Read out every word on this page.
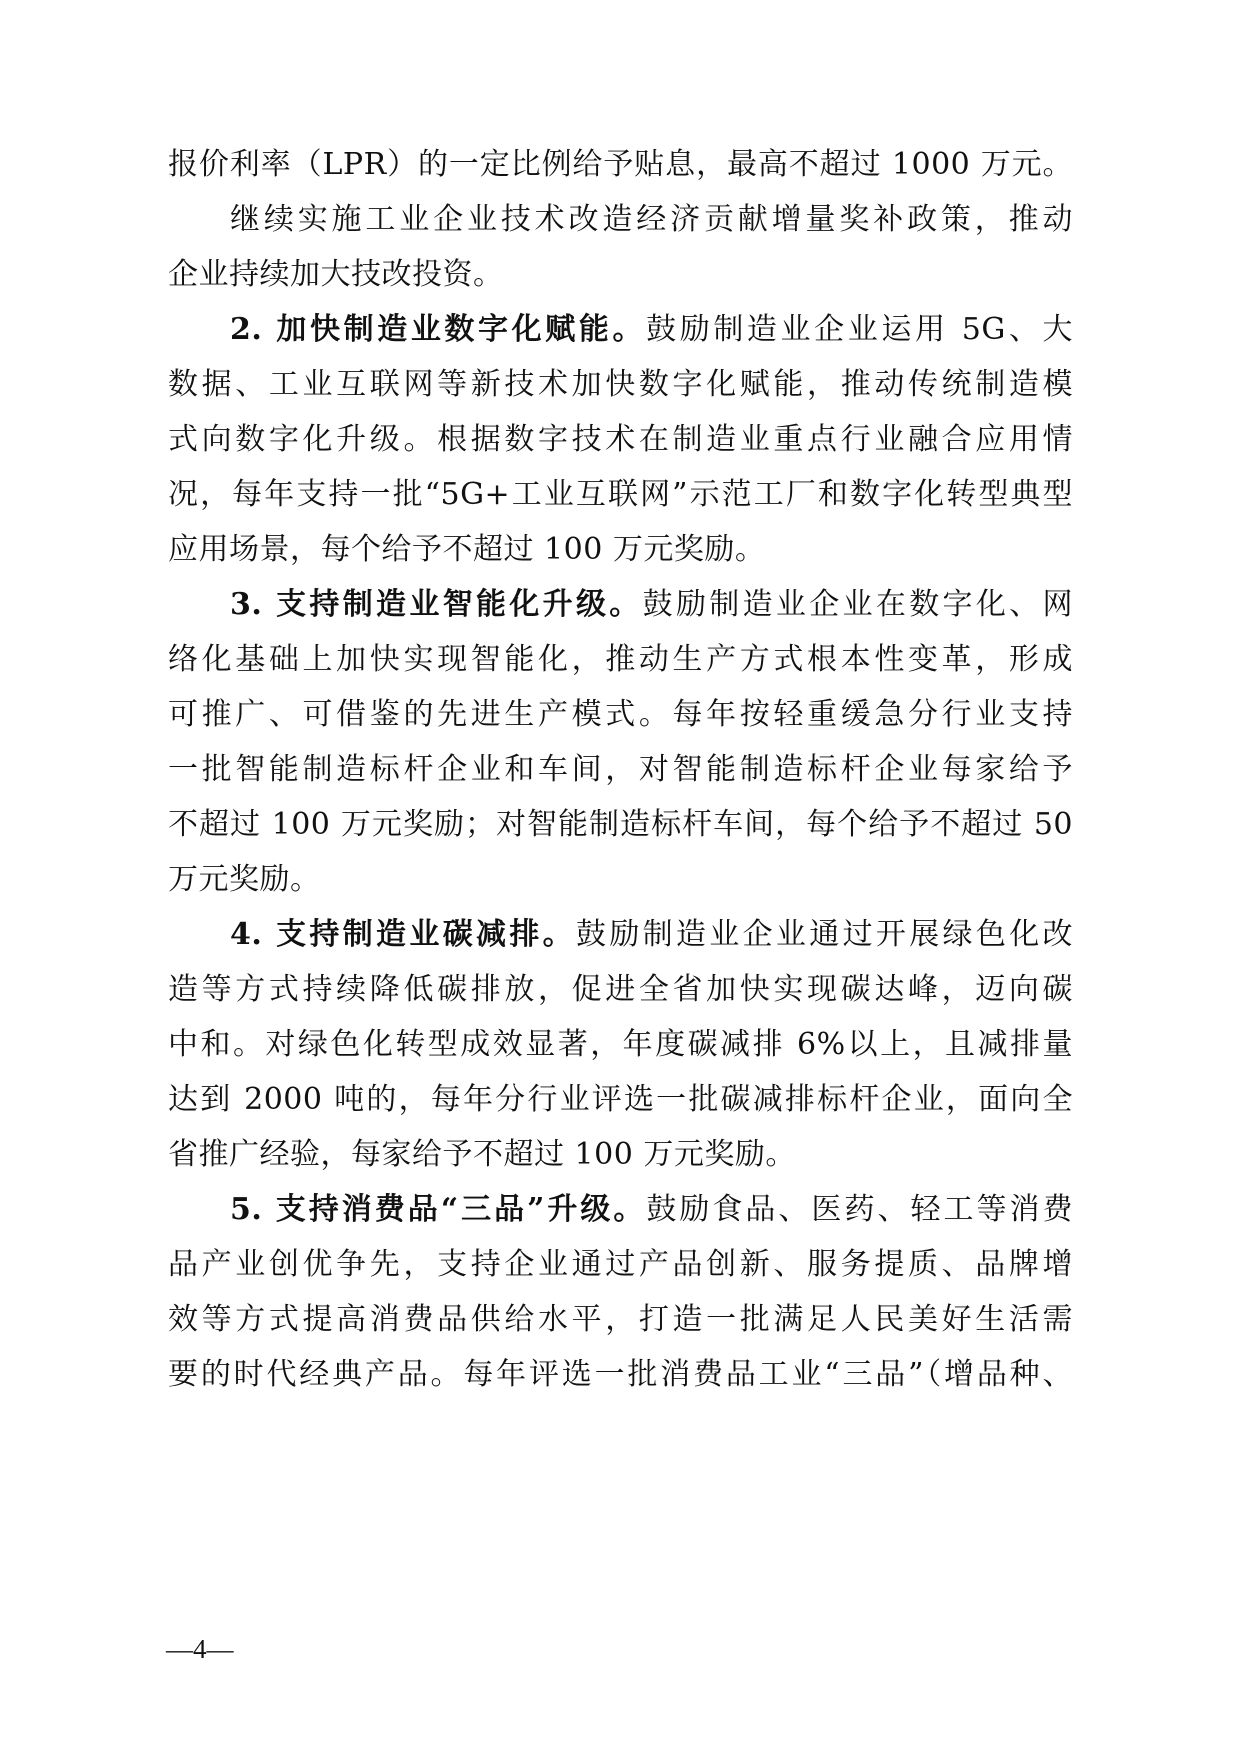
报价利率（LPR）的一定比例给予贴息，最高不超过 1000 万元。
继续实施工业企业技术改造经济贡献增量奖补政策，推动
企业持续加大技改投资。
2. 加快制造业数字化赋能。鼓励制造业企业运用 5G、大
数据、工业互联网等新技术加快数字化赋能，推动传统制造模
式向数字化升级。根据数字技术在制造业重点行业融合应用情
况，每年支持一批“5G+工业互联网”示范工厂和数字化转型典型
应用场景，每个给予不超过 100 万元奖励。
3. 支持制造业智能化升级。鼓励制造业企业在数字化、网
络化基础上加快实现智能化，推动生产方式根本性变革，形成
可推广、可借鉴的先进生产模式。每年按轻重缓急分行业支持
一批智能制造标杆企业和车间，对智能制造标杆企业每家给予
不超过 100 万元奖励；对智能制造标杆车间，每个给予不超过 50
万元奖励。
4. 支持制造业碳减排。鼓励制造业企业通过开展绿色化改
造等方式持续降低碳排放，促进全省加快实现碳达峰，迈向碳
中和。对绿色化转型成效显著，年度碳减排 6%以上，且减排量
达到 2000 吨的，每年分行业评选一批碳减排标杆企业，面向全
省推广经验，每家给予不超过 100 万元奖励。
5. 支持消费品“三品”升级。鼓励食品、医药、轻工等消费
品产业创优争先，支持企业通过产品创新、服务提质、品牌增
效等方式提高消费品供给水平，打造一批满足人民美好生活需
要的时代经典产品。每年评选一批消费品工业“三品”（增品种、
—4—
